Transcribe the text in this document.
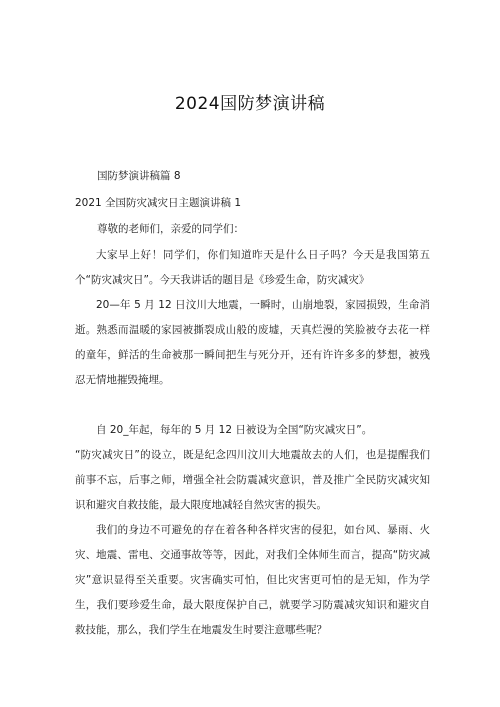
2024国防梦演讲稿
国防梦演讲稿篇 8
2021 全国防灾减灾日主题演讲稿 1
尊敬的老师们，亲爱的同学们：
大家早上好！同学们，你们知道昨天是什么日子吗？今天是我国第五个“防灾减灾日”。今天我讲话的题目是《珍爱生命，防灾减灾》
20—年 5 月 12 日汶川大地震，一瞬时，山崩地裂，家园损毁，生命消逝。熟悉而温暖的家园被撕裂成山般的废墟，天真烂漫的笑脸被夺去花一样的童年，鲜活的生命被那一瞬间把生与死分开，还有许许多多的梦想，被残忍无情地摧毁掩埋。
自 20_年起，每年的 5 月 12 日被设为全国“防灾减灾日”。
“防灾减灾日”的设立，既是纪念四川汶川大地震故去的人们，也是提醒我们前事不忘，后事之师，增强全社会防震减灾意识，普及推广全民防灾减灾知识和避灾自救技能，最大限度地减轻自然灾害的损失。
我们的身边不可避免的存在着各种各样灾害的侵犯，如台风、暴雨、火灾、地震、雷电、交通事故等等，因此，对我们全体师生而言，提高“防灾减灾”意识显得至关重要。灾害确实可怕，但比灾害更可怕的是无知，作为学生，我们要珍爱生命，最大限度保护自己，就要学习防震减灾知识和避灾自救技能，那么，我们学生在地震发生时要注意哪些呢？
